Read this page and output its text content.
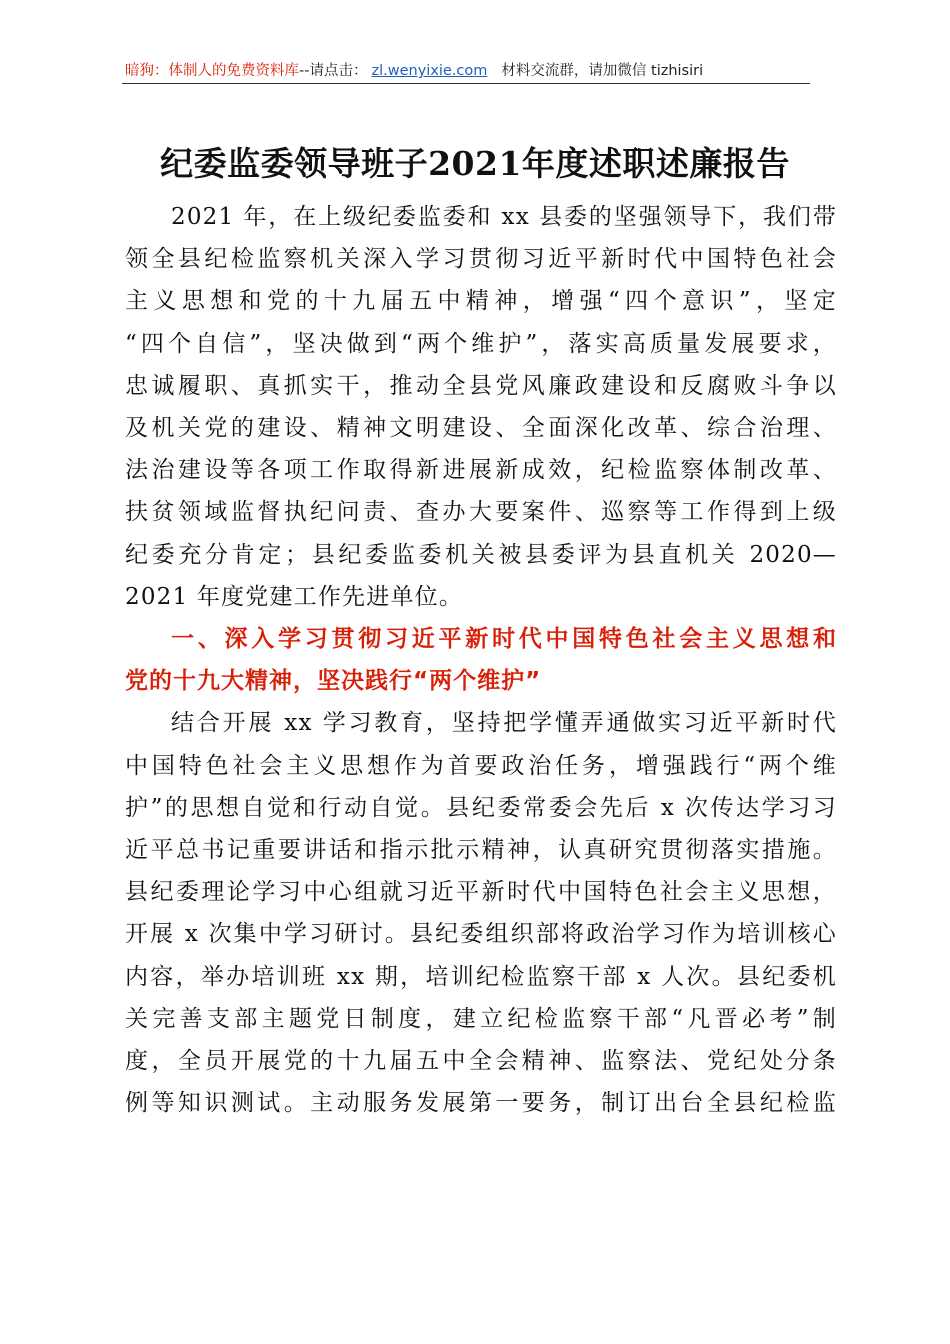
暗狗：体制人的免费资料库--请点击： zl.wenyixie.com 材料交流群，请加微信 tizhisiri
纪委监委领导班子2021年度述职述廉报告
2021 年，在上级纪委监委和 xx 县委的坚强领导下，我们带
领全县纪检监察机关深入学习贯彻习近平新时代中国特色社会
主义思想和党的十九届五中精神，增强“四个意识”，坚定
“四个自信”，坚决做到“两个维护”，落实高质量发展要求，
忠诚履职、真抓实干，推动全县党风廉政建设和反腐败斗争以
及机关党的建设、精神文明建设、全面深化改革、综合治理、
法治建设等各项工作取得新进展新成效，纪检监察体制改革、
扶贫领域监督执纪问责、查办大要案件、巡察等工作得到上级
纪委充分肯定；县纪委监委机关被县委评为县直机关 2020—
2021 年度党建工作先进单位。
一、深入学习贯彻习近平新时代中国特色社会主义思想和
党的十九大精神，坚决践行“两个维护”
结合开展 xx 学习教育，坚持把学懂弄通做实习近平新时代
中国特色社会主义思想作为首要政治任务，增强践行“两个维
护”的思想自觉和行动自觉。县纪委常委会先后 x 次传达学习习
近平总书记重要讲话和指示批示精神，认真研究贯彻落实措施。
县纪委理论学习中心组就习近平新时代中国特色社会主义思想，
开展 x 次集中学习研讨。县纪委组织部将政治学习作为培训核心
内容，举办培训班 xx 期，培训纪检监察干部 x 人次。县纪委机
关完善支部主题党日制度，建立纪检监察干部“凡晋必考”制
度，全员开展党的十九届五中全会精神、监察法、党纪处分条
例等知识测试。主动服务发展第一要务，制订出台全县纪检监
